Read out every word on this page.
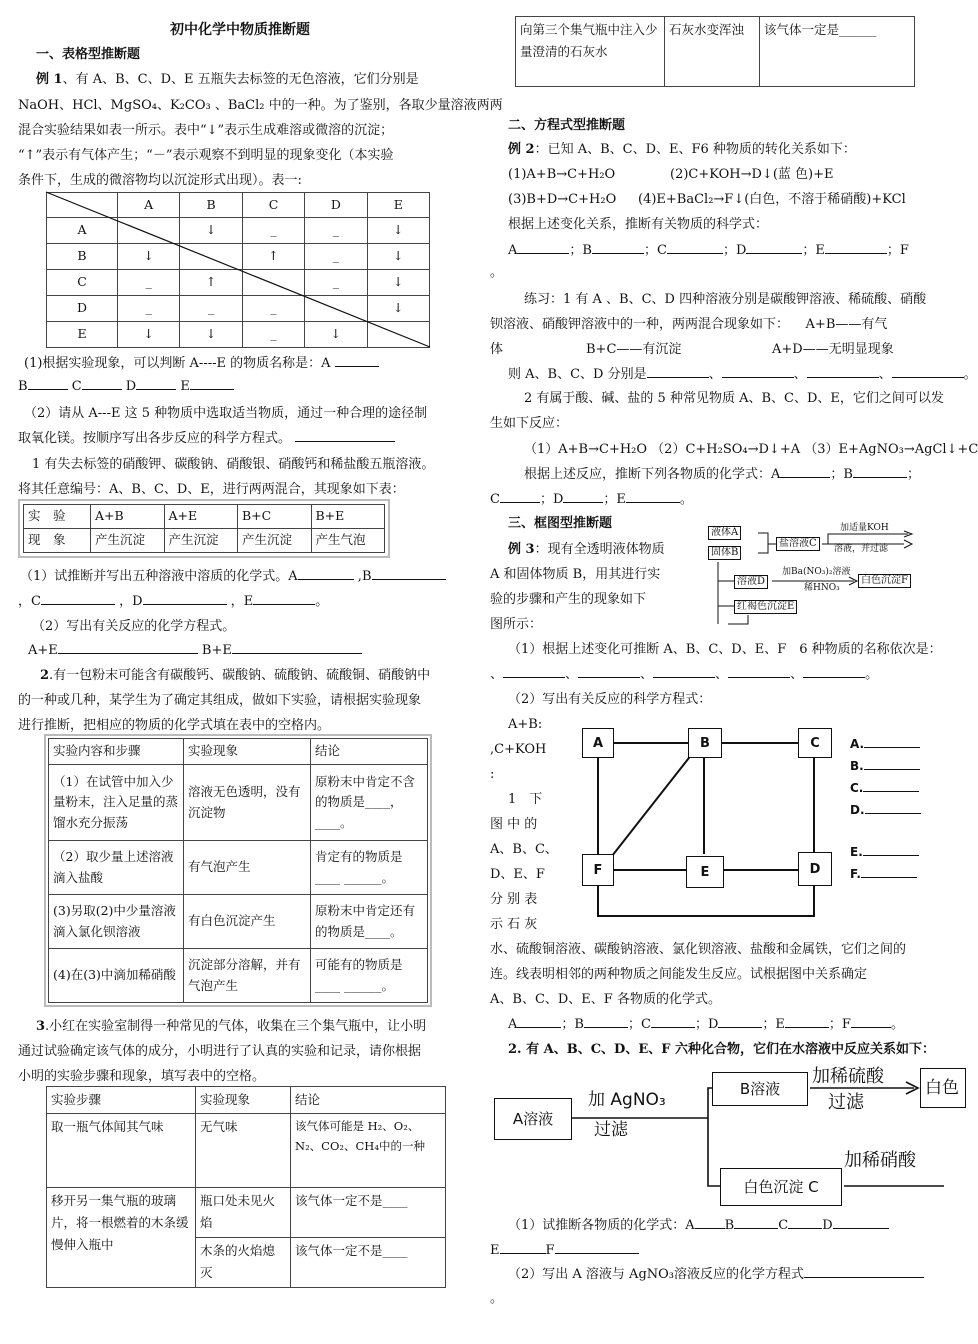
初中化学中物质推断题
一、表格型推断题
例 1、有 A、B、C、D、E 五瓶失去标签的无色溶液，它们分别是
NaOH、HCl、MgSO₄、K₂CO₃ 、BaCl₂ 中的一种。为了鉴别，各取少量溶液两两
混合实验结果如表一所示。表中“↓”表示生成难溶或微溶的沉淀；
“↑”表示有气体产生；“－”表示观察不到明显的现象变化（本实验
条件下，生成的微溶物均以沉淀形式出现）。表一:
	A	B	C	D	E
A		↓	_	_	↓
B	↓		↑	_	↓
C	_	↑		_	↓
D	_	_	_		↓
E	↓	↓	_	↓	
(1)根据实验现象，可以判断 A----E 的物质名称是：A
B	C	D	E
（2）请从 A---E 这 5 种物质中选取适当物质，通过一种合理的途径制
取氧化镁。按顺序写出各步反应的科学方程式。
1 有失去标签的硝酸钾、碳酸钠、硝酸银、硝酸钙和稀盐酸五瓶溶液。
将其任意编号：A、B、C、D、E，进行两两混合，其现象如下表：
实　验	A+B	A+E	B+C	B+E
现　象	产生沉淀	产生沉淀	产生沉淀	产生气泡
（1）试推断并写出五种溶液中溶质的化学式。A	,B
，C	，D	，E	。
（2）写出有关反应的化学方程式。
A+E	B+E
2.有一包粉末可能含有碳酸钙、碳酸钠、硫酸钠、硫酸铜、硝酸钠中
的一种或几种，某学生为了确定其组成，做如下实验，请根据实验现象
进行推断，把相应的物质的化学式填在表中的空格内。
实验内容和步骤	实验现象	结论
（1）在试管中加入少量粉末，注入足量的蒸馏水充分振荡	溶液无色透明，没有沉淀物	原粉末中肯定不含的物质是____，____。
（2）取少量上述溶液滴入盐酸	有气泡产生	肯定有的物质是____ ______。
(3)另取(2)中少量溶液滴入氯化钡溶液	有白色沉淀产生	原粉末中肯定还有的物质是____。
(4)在(3)中滴加稀硝酸	沉淀部分溶解，并有气泡产生	可能有的物质是____ ______。
3.小红在实验室制得一种常见的气体，收集在三个集气瓶中，让小明
通过试验确定该气体的成分，小明进行了认真的实验和记录，请你根据
小明的实验步骤和现象，填写表中的空格。
实验步骤	实验现象	结论
取一瓶气体闻其气味	无气味	该气体可能是 H₂、O₂、N₂、CO₂、CH₄中的一种
移开另一集气瓶的玻璃片，将一根燃着的木条缓慢伸入瓶中	瓶口处未见火焰	该气体一定不是____
	木条的火焰熄灭	该气体一定不是____
向第三个集气瓶中注入少量澄清的石灰水	石灰水变浑浊	该气体一定是______
二、方程式型推断题
例 2：已知 A、B、C、D、E、F6 种物质的转化关系如下：
(1)A+B→C+H₂O	(2)C+KOH→D↓(蓝 色)+E
(3)B+D→C+H₂O (4)E+BaCl₂→F↓(白色，不溶于稀硝酸)+KCl
根据上述变化关系，推断有关物质的科学式：
A	；B	；C	；D	；E	；F
。
练习：1 有 A 、B、C、D 四种溶液分别是碳酸钾溶液、稀硫酸、硝酸
钡溶液、硝酸钾溶液中的一种，两两混合现象如下： A+B——有气
体	B+C——有沉淀	A+D——无明显现象
则 A、B、C、D 分别是	、	、	、	。
2 有属于酸、碱、盐的 5 种常见物质 A、B、C、D、E，它们之间可以发
生如下反应：
（1）A+B→C+H₂O （2）C+H₂SO₄→D↓+A （3）E+AgNO₃→AgCl↓+C
根据上述反应，推断下列各物质的化学式：A	；B	；
C	；D	；E	。
三、框图型推断题
例 3：现有全透明液体物质
A 和固体物质 B，用其进行实
验的步骤和产生的现象如下
图所示：
液体A
固体B
盐溶液C
加适量KOH
溶液，并过滤
溶液D
加Ba(NO₃)₂溶液
稀HNO₃
白色沉淀F
红褐色沉淀E
（1）根据上述变化可推断 A、B、C、D、E、F　6 种物质的名称依次是：
、	、	、	、	、	。
（2）写出有关反应的科学方程式：
A+B:
,C+KOH
:
1　下
图 中 的
A、B、C、
D、E、F
分 别 表
示 石 灰
A	B	C
F	E	D
A.
B.
C.
D.
E.
F.
水、硫酸铜溶液、碳酸钠溶液、氯化钡溶液、盐酸和金属铁，它们之间的
连。线表明相邻的两种物质之间能发生反应。试根据图中关系确定
A、B、C、D、E、F 各物质的化学式。
A	；B	；C	；D	；E	；F	。
2. 有 A、B、C、D、E、F 六种化合物，它们在水溶液中反应关系如下：
A溶液
加 AgNO₃
过滤
B溶液
加稀硫酸
过滤
白色
白色沉淀 C
加稀硝酸
（1）试推断各物质的化学式：A B	C	D
E	F
（2）写出 A 溶液与 AgNO₃溶液反应的化学方程式
。
